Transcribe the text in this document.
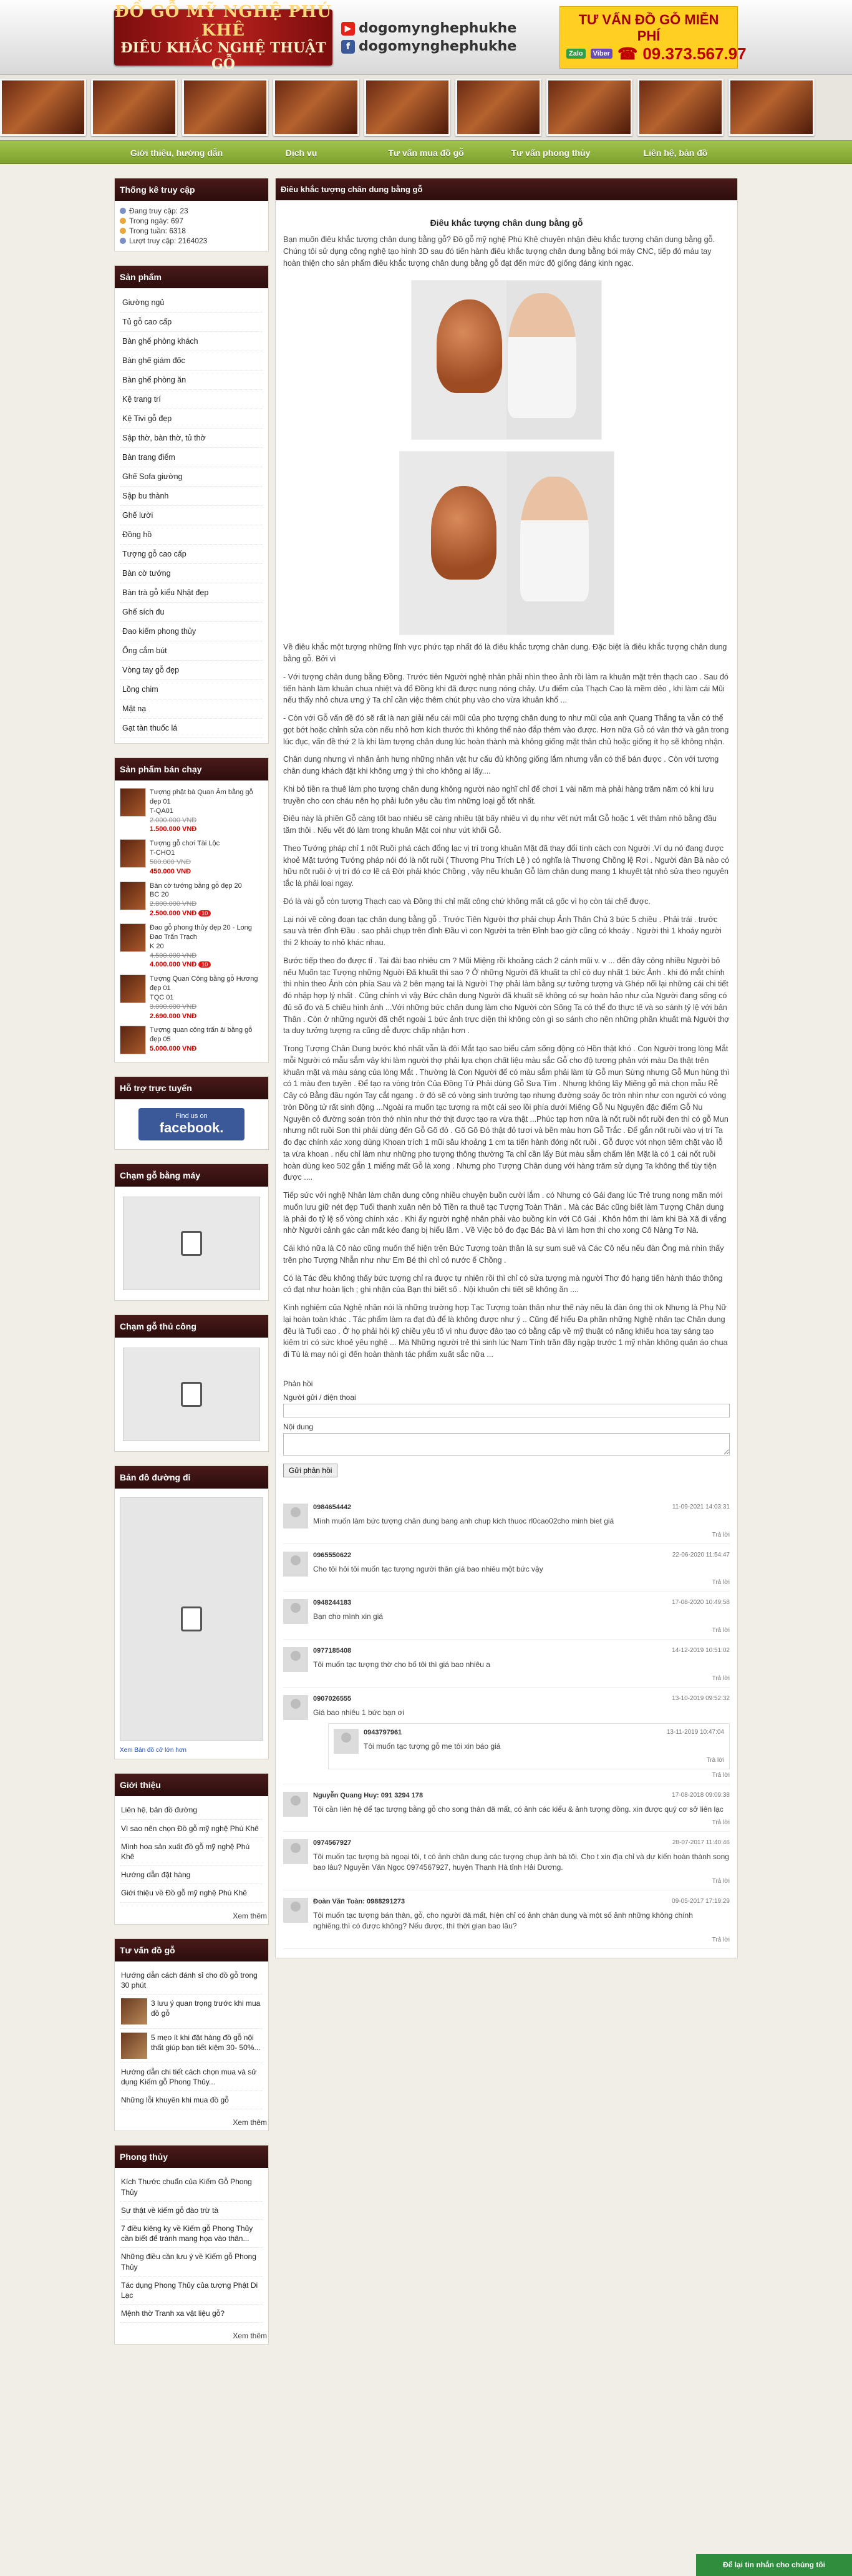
ĐỒ GỖ MỸ NGHỆ PHÚ KHÊ
ĐIÊU KHẮC NGHỆ THUẬT GỖ
▶ dogomynghephukhe
f dogomynghephukhe
TƯ VẤN ĐỒ GỖ MIỄN PHÍ
Zalo	Viber ☎ 09.373.567.97
Giới thiệu, hướng dẫn	Dịch vụ	Tư vấn mua đồ gỗ	Tư vấn phong thủy	Liên hệ, bản đồ
Thống kê truy cập
Đang truy cập: 23
Trong ngày: 697
Trong tuần: 6318
Lượt truy cập: 2164023
Sản phẩm
Giường ngủ
Tủ gỗ cao cấp
Bàn ghế phòng khách
Bàn ghế giám đốc
Bàn ghế phòng ăn
Kệ trang trí
Kệ Tivi gỗ đẹp
Sập thờ, bàn thờ, tủ thờ
Bàn trang điểm
Ghế Sofa giường
Sập bu thành
Ghế lười
Đồng hồ
Tượng gỗ cao cấp
Bàn cờ tướng
Bàn trà gỗ kiểu Nhật đẹp
Ghế sích đu
Đao kiếm phong thủy
Ống cắm bút
Vòng tay gỗ đẹp
Lồng chim
Mặt nạ
Gạt tàn thuốc lá
Sản phẩm bán chạy
Tượng phật bà Quan Âm bằng gỗ đẹp 01
T-QA01
2.000.000 VNĐ
1.500.000 VNĐ
Tượng gỗ chơi Tài Lộc
T-CHO1
500.000 VNĐ
450.000 VNĐ
Bàn cờ tướng bằng gỗ đẹp 20
BC 20
2.800.000 VNĐ
2.500.000 VNĐ 10
Đao gỗ phong thủy đẹp 20 - Long Đao Trấn Trạch
K 20
4.500.000 VNĐ
4.000.000 VNĐ 10
Tượng Quan Công bằng gỗ Hương đẹp 01
TQC 01
3.000.000 VNĐ
2.690.000 VNĐ
Tượng quan công trấn ải bằng gỗ đẹp 05
5.000.000 VNĐ
Hỗ trợ trực tuyến
Find us on
facebook.
Chạm gỗ bằng máy
Chạm gỗ thủ công
Bản đồ đường đi
Xem Bản đồ cỡ lớn hơn
Giới thiệu
Liên hệ, bản đồ đường
Vì sao nên chọn Đồ gỗ mỹ nghệ Phú Khê
Mình hoa sản xuất đồ gỗ mỹ nghệ Phú Khê
Hướng dẫn đặt hàng
Giới thiệu về Đồ gỗ mỹ nghệ Phú Khê
Xem thêm
Tư vấn đồ gỗ
Hướng dẫn cách đánh sỉ cho đồ gỗ trong 30 phút
3 lưu ý quan trọng trước khi mua đồ gỗ
5 mẹo ít khi đặt hàng đồ gỗ nội thất giúp bạn tiết kiệm 30- 50%...
Hướng dẫn chi tiết cách chọn mua và sử dụng Kiếm gỗ Phong Thủy...
Những lỗi khuyên khi mua đồ gỗ
Xem thêm
Phong thủy
Kích Thước chuẩn của Kiếm Gỗ Phong Thủy
Sự thật về kiếm gỗ đào trừ tà
7 điều kiêng kỵ về Kiếm gỗ Phong Thủy cần biết để tránh mang họa vào thân...
Những điều cần lưu ý về Kiếm gỗ Phong Thủy
Tác dụng Phong Thủy của tượng Phật Di Lạc
Mệnh thờ Tranh xa vật liệu gỗ?
Xem thêm
Điêu khắc tượng chân dung bằng gỗ
Điêu khắc tượng chân dung bằng gỗ

Bạn muốn điêu khắc tượng chân dung bằng gỗ? Đồ gỗ mỹ nghệ Phú Khê chuyên nhận điêu khắc tượng chân dung bằng gỗ. Chúng tôi sử dụng công nghệ tạo hình 3D sau đó tiến hành điêu khắc tượng chân dung bằng bói máy CNC, tiếp đó máu tay hoàn thiện cho sản phẩm điêu khắc tượng chân dung bằng gỗ đạt đến mức độ giống đáng kinh ngạc.

Về điêu khắc một tượng những lĩnh vực phức tạp nhất đó là điêu khắc tượng chân dung. Đặc biệt là điêu khắc tượng chân dung bằng gỗ. Bởi vì

- Với tượng chân dung bằng Đồng. Trước tiên Người nghệ nhân phải nhìn theo ảnh rồi làm ra khuân mặt trên thạch cao . Sau đó tiến hành làm khuân chua nhiệt và đổ Đồng khi đã được nung nóng chảy. Ưu điểm của Thạch Cao là mềm dẻo , khi làm cái Mũi nếu thấy nhỏ chưa ưng ý Ta chỉ cần việc thêm chút phụ vào cho vừa khuân khổ ...

- Còn với Gỗ vấn đề đó sẽ rất là nan giải nếu cái mũi của pho tượng chân dung to như mũi của anh Quang Thắng ta vẫn có thể gọt bớt hoặc chỉnh sửa còn nếu nhỏ hơn kích thước thì không thể nào đắp thêm vào được. Hơn nữa Gỗ có vân thớ và gân trong lúc đục, vấn đề thứ 2 là khi làm tượng chân dung lúc hoàn thành mà không giống mặt thân chủ hoặc giống ít họ sẽ không nhận.

Chân dung nhưng vì nhân ảnh hưng những nhân vật hư cấu đủ không giống lắm nhưng vẫn có thể bán được . Còn với tượng chân dung khách đặt khi không ưng ý thì cho không ai lấy....

Khi bỏ tiền ra thuê làm pho tượng chân dung không người nào nghĩ chỉ để chơi 1 vài năm mà phải hàng trăm năm có khi lưu truyền cho con cháu nên họ phải luôn yêu cầu tìm những loại gỗ tốt nhất.

Điêu này là phiền Gỗ càng tốt bao nhiêu sẽ càng nhiều tật bấy nhiêu vì dụ như vết nứt mắt Gỗ hoặc 1 vết thâm nhỏ bằng đầu tăm thôi . Nếu vết đó làm trong khuân Mặt coi như vứt khối Gỗ.

Theo Tướng pháp chỉ 1 nốt Ruồi phá cách đổng lạc vị trí trong khuân Mặt đã thay đổi tính cách con Người .Ví dụ nó đang được khoẻ Mặt tướng Tướng pháp nói đó là nốt ruồi ( Thương Phu Trích Lệ ) có nghĩa là Thương Chồng lệ Rơi . Người đàn Bà nào có hữu nốt ruồi ở vị trí đó cơ lẽ cả Đời phải khóc Chồng , vậy nếu khuân Gỗ làm chân dung mang 1 khuyết tật nhỏ sửa theo nguyên tắc là phải loại ngay.

Đó là vài gỗ còn tượng Thạch cao và Đồng thì chỉ mất công chứ không mất cả gốc vì họ còn tái chế được.

Lại nói về công đoạn tạc chân dung bằng gỗ . Trước Tiên Người thợ phải chụp Ảnh Thân Chủ 3 bức 5 chiều . Phải trái . trước sau và trên đỉnh Đầu . sao phải chụp trên đỉnh Đầu vì con Người ta trên Đỉnh bao giờ cũng có khoáy . Người thì 1 khoáy người thì 2 khoáy to nhỏ khác nhau.

Bước tiếp theo đo được tỉ . Tai đài bao nhiêu cm ? Mũi Miệng rồi khoảng cách 2 cánh mũi v. v ... đến đây công nhiều Người bỏ nếu Muốn tạc Tượng những Nguời Đã khuất thì sao ? Ở những Người đã khuất ta chỉ có duy nhất 1 bức Ảnh . khi đó mắt chính thì nhìn theo Ảnh còn phía Sau và 2 bên mạng tai là Người Thợ phải làm bằng sự tưởng tượng và Ghép nối lại những cái chi tiết đó nhập hợp lý nhất . Cũng chính vì vậy Bức chân dung Người đã khuất sẽ không có sự hoàn hảo như của Người đang sống có đủ số đo và 5 chiều hình ảnh ...Với những bức chân dung làm cho Người còn Sống Ta có thể đo thực tế và so sánh tỷ lệ với bản Thân . Còn ở những người đã chết ngoài 1 bức ảnh trực diện thì không còn gì so sánh cho nên những phần khuất mà Người thợ ta duy tưởng tượng ra cũng dễ được chấp nhận hơn .

Trong Tượng Chân Dung bước khó nhất vẫn là đôi Mắt tạo sao biểu cảm sống động có Hồn thật khó . Con Người trong lòng Mắt mỗi Người có mẫu sắm vây khi làm người thợ phải lựa chọn chất liệu màu sắc Gỗ cho độ tương phản với màu Da thật trên khuân mặt và màu sáng của lòng Mắt . Thường là Con Người để có màu sắm phải làm từ Gỗ mun Sừng nhưng Gỗ Mun hùng thì có 1 màu đen tuyền . Để tạo ra vòng tròn Của Đồng Tử Phải dùng Gỗ Sưa Tím . Nhưng không lấy Miếng gỗ mà chọn mẫu Rễ Cây có Bằng đầu ngón Tay cắt ngang . ở đó sẽ có vòng sinh trưởng tạo nhưng đường soáy ốc tròn nhìn như con người có vòng tròn Đồng tử rất sinh động ...Ngoài ra muốn tạc tượng ra một cái seo lồi phía dưới Miếng Gỗ Nu Nguyên đặc điểm Gỗ Nu Nguyên cỏ đường soán tròn thớ nhìn như thớ thịt được tạo ra vừa thật ...Phúc tạp hơn nữa là nốt ruồi nốt ruồi đen thì có gỗ Mun nhưng nốt ruồi Son thì phải dùng đến Gỗ Gõ đỏ . Gõ Gõ Đỏ thật đỏ tươi và bền màu hơn Gỗ Trắc . Để gắn nốt ruồi vào vị trí Ta đo đạc chính xác xong dùng Khoan trích 1 mũi sâu khoảng 1 cm ta tiến hành đóng nốt ruồi . Gỗ được vót nhọn tiêm chặt vào lỗ ta vừa khoan . nếu chỉ làm như những pho tượng thông thường Ta chỉ cần lấy Bút màu sẫm chấm lên Mặt là có 1 cái nốt ruồi hoàn dùng keo 502 gắn 1 miếng mất Gỗ là xong . Nhưng pho Tượng Chân dung với hàng trăm sử dụng Ta không thể tùy tiện được ....

Tiếp sức với nghệ Nhân làm chân dung công nhiều chuyện buồn cười lắm . có Nhưng có Gái đang lúc Trẻ trung nong mãn mới muốn lưu giữ nét đẹp Tuổi thanh xuân nên bỏ Tiền ra thuê tạc Tượng Toàn Thân . Mà các Bác cũng biết làm Tượng Chân dung là phải đo tỷ lệ số vòng chính xác . Khi ấy người nghệ nhân phải vào buồng kín với Cô Gái . Khôn hôm thì làm khi Bà Xã đi vắng nhờ Người cảnh gác cản mất kéo đang bị hiểu lầm . Về Việc bỏ đo đạc Bác Bà vì làm hơn thì cho xong Cô Nàng Tơ Nà.

Cái khó nữa là Cô nào cũng muốn thể hiện trên Bức Tượng toàn thân là sự sum suê và Các Cô nếu nếu đàn Ông mà nhìn thấy trên pho Tượng Nhẫn như như Em Bé thì chỉ có nước ế Chồng .

Có là Tác đều không thấy bức tượng chỉ ra được tự nhiên rồi thì chỉ có sửa tượng mà người Thợ đó hạng tiến hành tháo thông có đạt như hoàn lịch ; ghi nhận của Bạn thì biết số . Nội khuôn chi tiết sẽ không ăn ....

Kinh nghiệm của Nghệ nhân nói là những trường hợp Tạc Tượng toàn thân như thế này nếu là đàn ông thì ok Nhưng là Phụ Nữ lại hoàn toàn khác . Tác phẩm làm ra đạt đủ để là không được như ý .. Cũng để hiểu Đa phần những Nghệ nhân tạc Chân dung đều là Tuổi cao . Ở họ phải hỏi kỹ chiều yêu tố vì nhu được đảo tạo có bằng cấp về mỹ thuật có năng khiếu hoa tay sáng tạo kiêm trì có sức khoẻ yêu nghệ ... Mà Những người trẻ thì sinh lúc Nam Tính trăn đầy ngập trước 1 mỹ nhân không quản áo chua đi Tù là may nói gì đến hoàn thành tác phẩm xuất sắc nữa ...

Phản hồi
Người gửi / điện thoại
Nội dung
Gửi phản hồi
0984654442	11-09-2021 14:03:31
Mình muốn làm bức tượng chân dung bang anh chup kich thuoc rl0cao02cho minh biet giá
Trả lời
0965550622	22-06-2020 11:54:47
Cho tôi hỏi tôi muốn tạc tượng người thân giá bao nhiêu một bức vậy
Trả lời
0948244183	17-08-2020 10:49:58
Bạn cho mình xin giá
Trả lời
0977185408	14-12-2019 10:51:02
Tôi muốn tạc tượng thờ cho bố tôi thì giá bao nhiêu a
Trả lời
0907026555	13-10-2019 09:52:32
Giá bao nhiêu 1 bức bạn ơi
0943797961	13-11-2019 10:47:04
Tôi muốn tạc tượng gỗ me tôi xin báo giá
Trả lời
Trả lời
Nguyễn Quang Huy: 091 3294 178	17-08-2018 09:09:38
Tôi cần liên hệ để tạc tượng bằng gỗ cho song thân đã mất, có ảnh các kiểu & ảnh tượng đồng. xin được quý cơ sở liên lạc
Trả lời
0974567927	28-07-2017 11:40:46
Tôi muốn tạc tượng bà ngoại tôi, t có ảnh chân dung các tượng chụp ảnh bà tôi. Cho t xin địa chỉ và dự kiến hoàn thành song bao lâu? Nguyễn Văn Ngọc 0974567927, huyện Thanh Hà tỉnh Hải Dương.
Trả lời
Đoàn Văn Toàn: 0988291273	09-05-2017 17:19:29
Tôi muốn tạc tượng bán thân, gỗ, cho người đã mất, hiện chỉ có ảnh chân dung và một số ảnh những không chính nghiêng.thì có được không? Nếu được, thì thời gian bao lâu?
Trả lời
Để lại tin nhắn cho chúng tôi
